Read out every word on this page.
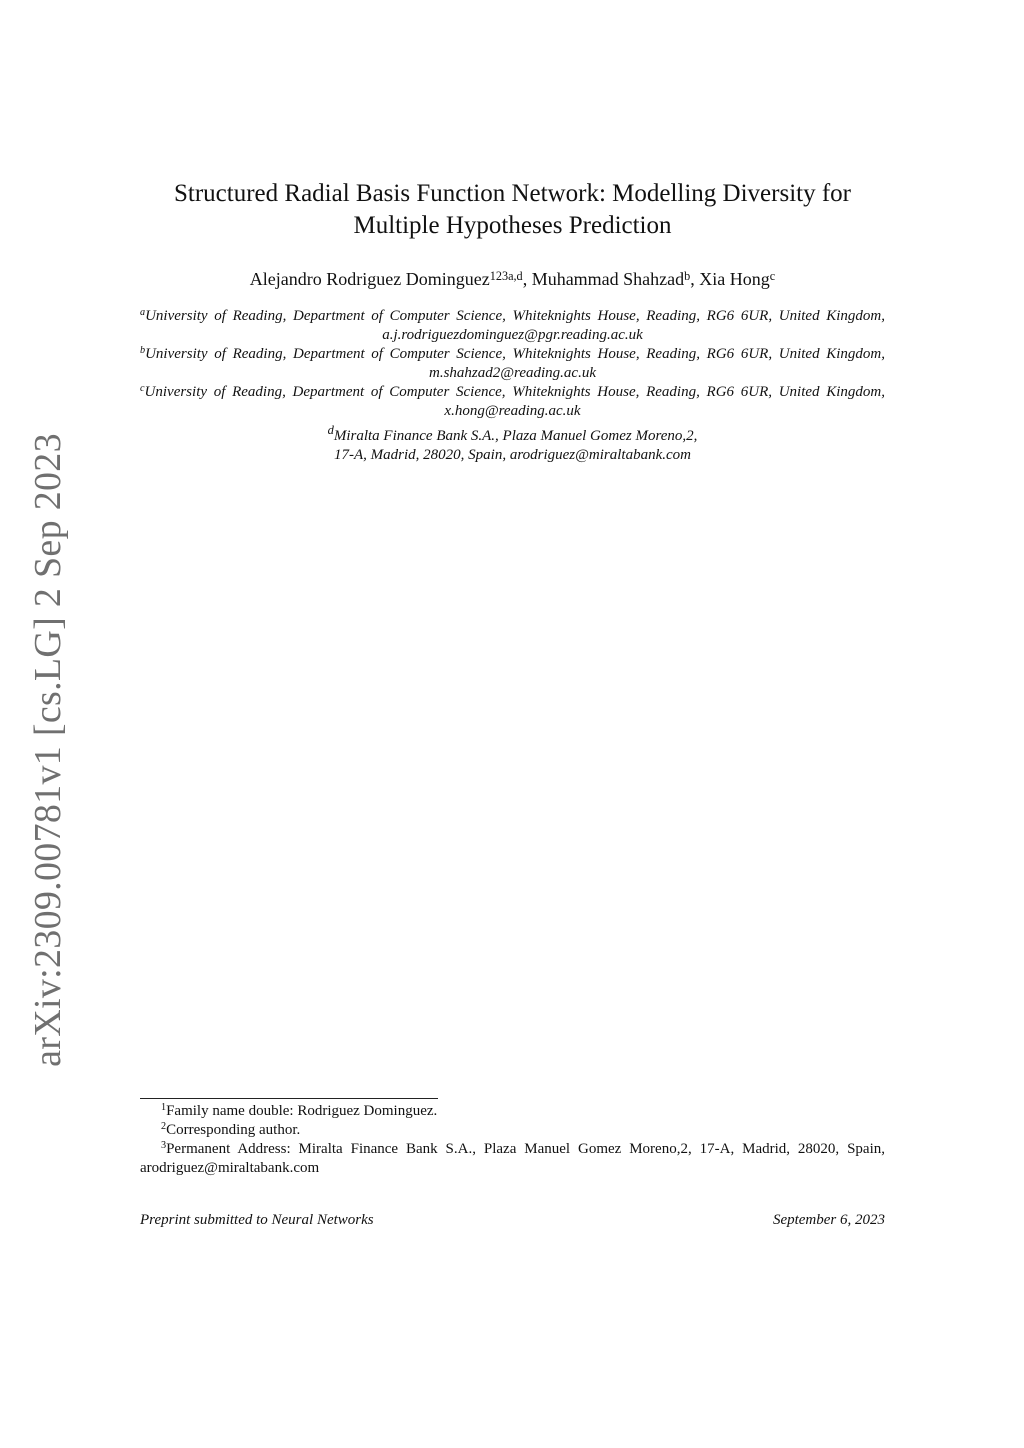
arXiv:2309.00781v1 [cs.LG] 2 Sep 2023
Structured Radial Basis Function Network: Modelling Diversity for
Multiple Hypotheses Prediction
Alejandro Rodriguez Dominguez$^{123a,d}$, Muhammad Shahzad$^b$, Xia Hong$^c$
$^a$University of Reading, Department of Computer Science, Whiteknights House, Reading, RG6 6UR, United Kingdom, a.j.rodriguezdominguez@pgr.reading.ac.uk
$^b$University of Reading, Department of Computer Science, Whiteknights House, Reading, RG6 6UR, United Kingdom, m.shahzad2@reading.ac.uk
$^c$University of Reading, Department of Computer Science, Whiteknights House, Reading, RG6 6UR, United Kingdom, x.hong@reading.ac.uk
$^d$Miralta Finance Bank S.A., Plaza Manuel Gomez Moreno,2,
17-A, Madrid, 28020, Spain, arodriguez@miraltabank.com
$^1$Family name double: Rodriguez Dominguez.
$^2$Corresponding author.
$^3$Permanent Address: Miralta Finance Bank S.A., Plaza Manuel Gomez Moreno,2, 17-A, Madrid, 28020, Spain, arodriguez@miraltabank.com
Preprint submitted to Neural Networks	September 6, 2023
